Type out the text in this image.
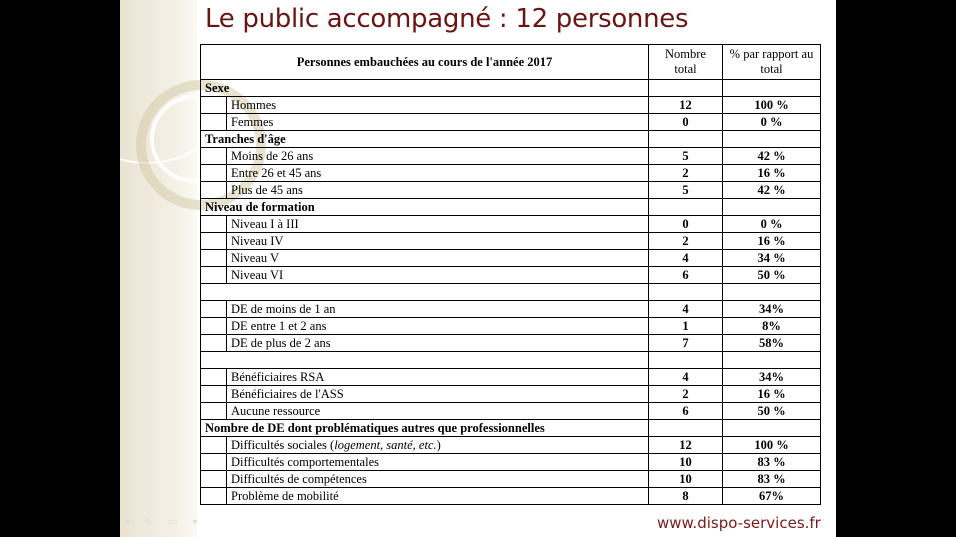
◂ ✎ ▭ ▾
Le public accompagné : 12 personnes
Personnes embauchées au cours de l'année 2017		Nombre total	% par rapport au total
Sexe			
	Hommes	12	100 %
	Femmes	0	0 %
Tranches d'âge			
	Moins de 26 ans	5	42 %
	Entre 26 et 45 ans	2	16 %
	Plus de 45 ans	5	42 %
Niveau de formation			
	Niveau I à III	0	0 %
	Niveau IV	2	16 %
	Niveau V	4	34 %
	Niveau VI	6	50 %

	DE de moins de 1 an	4	34%
	DE entre 1 et 2 ans	1	8%
	DE de plus de 2 ans	7	58%

	Bénéficiaires RSA	4	34%
	Bénéficiaires de l'ASS	2	16 %
	Aucune ressource	6	50 %
Nombre de DE dont problématiques autres que professionnelles			
	Difficultés sociales (logement, santé, etc.)	12	100 %
	Difficultés comportementales	10	83 %
	Difficultés de compétences	10	83 %
	Problème de mobilité	8	67%
www.dispo-services.fr
